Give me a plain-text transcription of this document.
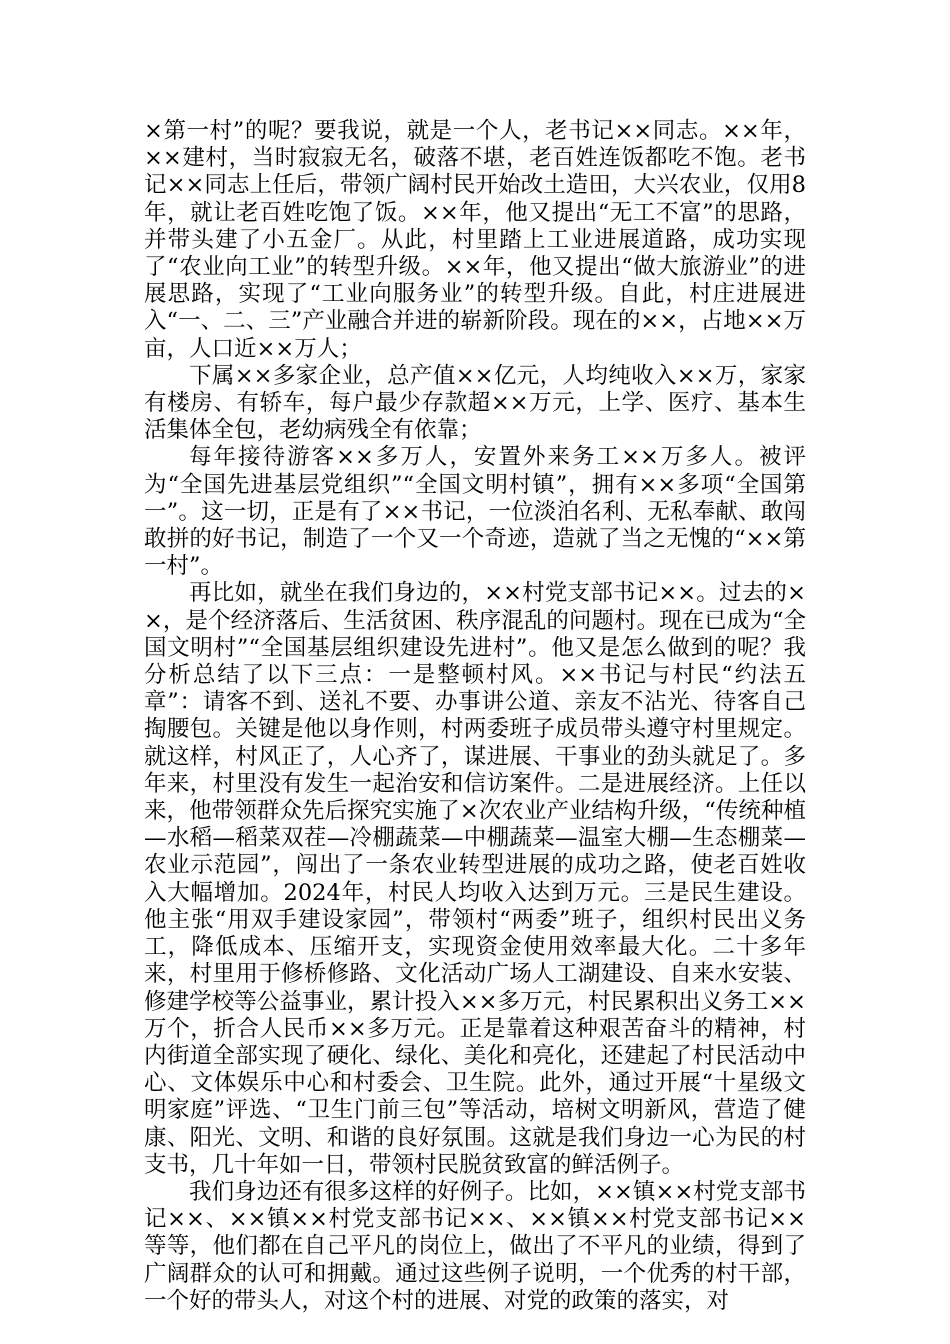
×第一村”的呢？要我说，就是一个人，老书记××同志。××年，××建村，当时寂寂无名，破落不堪，老百姓连饭都吃不饱。老书记××同志上任后，带领广阔村民开始改土造田，大兴农业，仅用8年，就让老百姓吃饱了饭。××年，他又提出“无工不富”的思路，并带头建了小五金厂。从此，村里踏上工业进展道路，成功实现了“农业向工业”的转型升级。××年，他又提出“做大旅游业”的进展思路，实现了“工业向服务业”的转型升级。自此，村庄进展进入“一、二、三”产业融合并进的崭新阶段。现在的××，占地××万亩，人口近××万人；

下属××多家企业，总产值××亿元，人均纯收入××万，家家有楼房、有轿车，每户最少存款超××万元，上学、医疗、基本生活集体全包，老幼病残全有依靠；

每年接待游客××多万人，安置外来务工××万多人。被评为“全国先进基层党组织”“全国文明村镇”，拥有××多项“全国第一”。这一切，正是有了××书记，一位淡泊名利、无私奉献、敢闯敢拼的好书记，制造了一个又一个奇迹，造就了当之无愧的“××第一村”。

再比如，就坐在我们身边的，××村党支部书记××。过去的××，是个经济落后、生活贫困、秩序混乱的问题村。现在已成为“全国文明村”“全国基层组织建设先进村”。他又是怎么做到的呢？我分析总结了以下三点：一是整顿村风。××书记与村民“约法五章”：请客不到、送礼不要、办事讲公道、亲友不沾光、待客自己掏腰包。关键是他以身作则，村两委班子成员带头遵守村里规定。就这样，村风正了，人心齐了，谋进展、干事业的劲头就足了。多年来，村里没有发生一起治安和信访案件。二是进展经济。上任以来，他带领群众先后探究实施了×次农业产业结构升级，“传统种植—水稻—稻菜双茬—冷棚蔬菜—中棚蔬菜—温室大棚—生态棚菜—农业示范园”，闯出了一条农业转型进展的成功之路，使老百姓收入大幅增加。2024年，村民人均收入达到万元。三是民生建设。他主张“用双手建设家园”，带领村“两委”班子，组织村民出义务工，降低成本、压缩开支，实现资金使用效率最大化。二十多年来，村里用于修桥修路、文化活动广场人工湖建设、自来水安装、修建学校等公益事业，累计投入××多万元，村民累积出义务工××万个，折合人民币××多万元。正是靠着这种艰苦奋斗的精神，村内街道全部实现了硬化、绿化、美化和亮化，还建起了村民活动中心、文体娱乐中心和村委会、卫生院。此外，通过开展“十星级文明家庭”评选、“卫生门前三包”等活动，培树文明新风，营造了健康、阳光、文明、和谐的良好氛围。这就是我们身边一心为民的村支书，几十年如一日，带领村民脱贫致富的鲜活例子。

我们身边还有很多这样的好例子。比如，××镇××村党支部书记××、××镇××村党支部书记××、××镇××村党支部书记××等等，他们都在自己平凡的岗位上，做出了不平凡的业绩，得到了广阔群众的认可和拥戴。通过这些例子说明，一个优秀的村干部，一个好的带头人，对这个村的进展、对党的政策的落实，对
